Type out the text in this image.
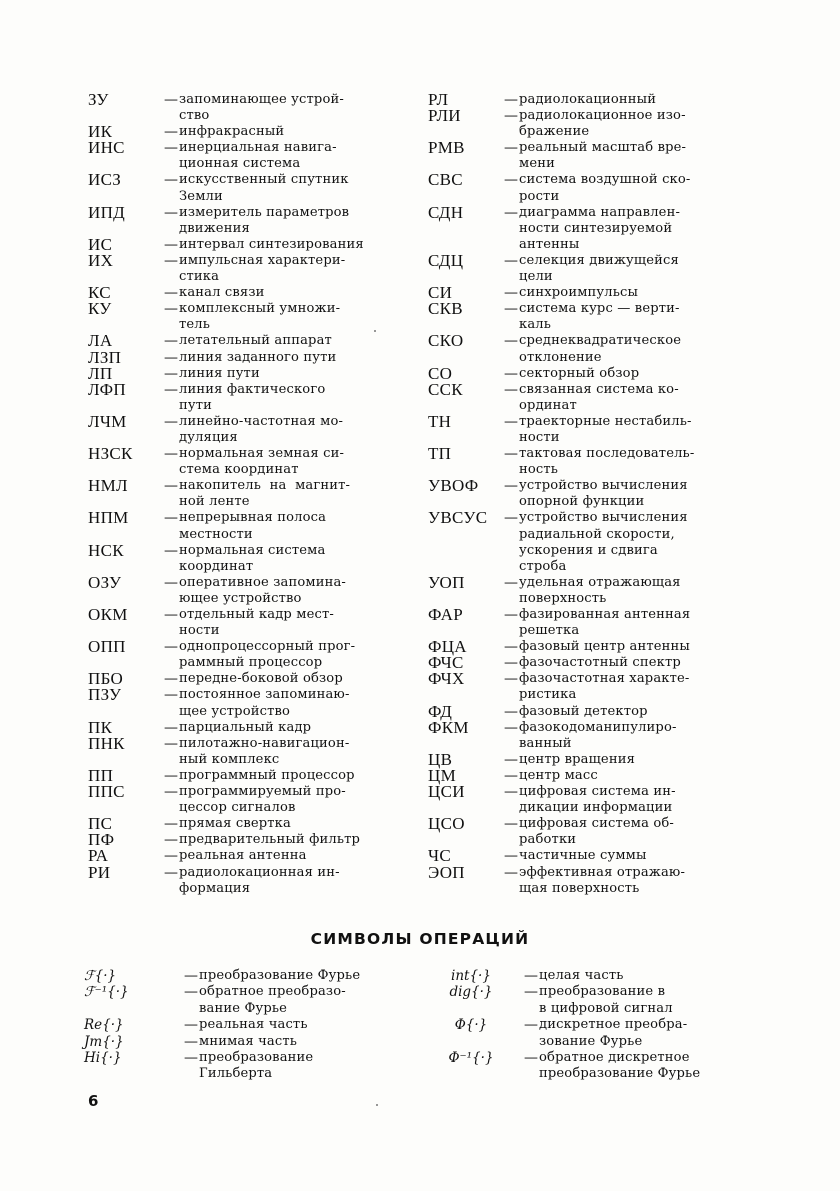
ЗУ	— запоминающее устрой-
ство
ИК	— инфракрасный
ИНС	— инерциальная навига-
ционная система
ИСЗ	— искусственный спутник
Земли
ИПД	— измеритель параметров
движения
ИС	— интервал синтезирования
ИХ	— импульсная характери-
стика
КС	— канал связи
КУ	— комплексный умножи-
тель
ЛА	— летательный аппарат
ЛЗП	— линия заданного пути
ЛП	— линия пути
ЛФП	— линия фактического
пути
ЛЧМ	— линейно-частотная мо-
дуляция
НЗСК	— нормальная земная си-
стема координат
НМЛ	— накопитель  на  магнит-
ной ленте
НПМ	— непрерывная полоса
местности
НСК	— нормальная система
координат
ОЗУ	— оперативное запомина-
ющее устройство
ОКМ	— отдельный кадр мест-
ности
ОПП	— однопроцессорный прог-
раммный процессор
ПБО	— передне-боковой обзор
ПЗУ	— постоянное запоминаю-
щее устройство
ПК	— парциальный кадр
ПНК	— пилотажно-навигацион-
ный комплекс
ПП	— программный процессор
ППС	— программируемый про-
цессор сигналов
ПС	— прямая свертка
ПФ	— предварительный фильтр
РА	— реальная антенна
РИ	— радиолокационная ин-
формация
РЛ	— радиолокационный
РЛИ	— радиолокационное изо-
бражение
РМВ	— реальный масштаб вре-
мени
СВС	— система воздушной ско-
рости
СДН	— диаграмма направлен-
ности синтезируемой
антенны
СДЦ	— селекция движущейся
цели
СИ	— синхроимпульсы
СКВ	— система курс — верти-
каль
СКО	— среднеквадратическое
отклонение
СО	— секторный обзор
ССК	— связанная система ко-
ординат
ТН	— траекторные нестабиль-
ности
ТП	— тактовая последователь-
ность
УВОФ	— устройство вычисления
опорной функции
УВСУС	— устройство вычисления
радиальной скорости,
ускорения и сдвига
строба
УОП	— удельная отражающая
поверхность
ФАР	— фазированная антенная
решетка
ФЦА	— фазовый центр антенны
ФЧС	— фазочастотный спектр
ФЧХ	— фазочастотная характе-
ристика
ФД	— фазовый детектор
ФКМ	— фазокодоманипулиро-
ванный
ЦВ	— центр вращения
ЦМ	— центр масс
ЦСИ	— цифровая система ин-
дикации информации
ЦСО	— цифровая система об-
работки
ЧС	— частичные суммы
ЭОП	— эффективная отражаю-
щая поверхность
СИМВОЛЫ ОПЕРАЦИЙ
ℱ{·}	— преобразование Фурье
ℱ⁻¹{·}	— обратное преобразо-
вание Фурье
Re{·}	— реальная часть
Jm{·}	— мнимая часть
Hi{·}	— преобразование
Гильберта
int{·}	— целая часть
dig{·}	— преобразование в
в цифровой сигнал
Φ{·}	— дискретное преобра-
зование Фурье
Φ⁻¹{·}	— обратное дискретное
преобразование Фурье
6
